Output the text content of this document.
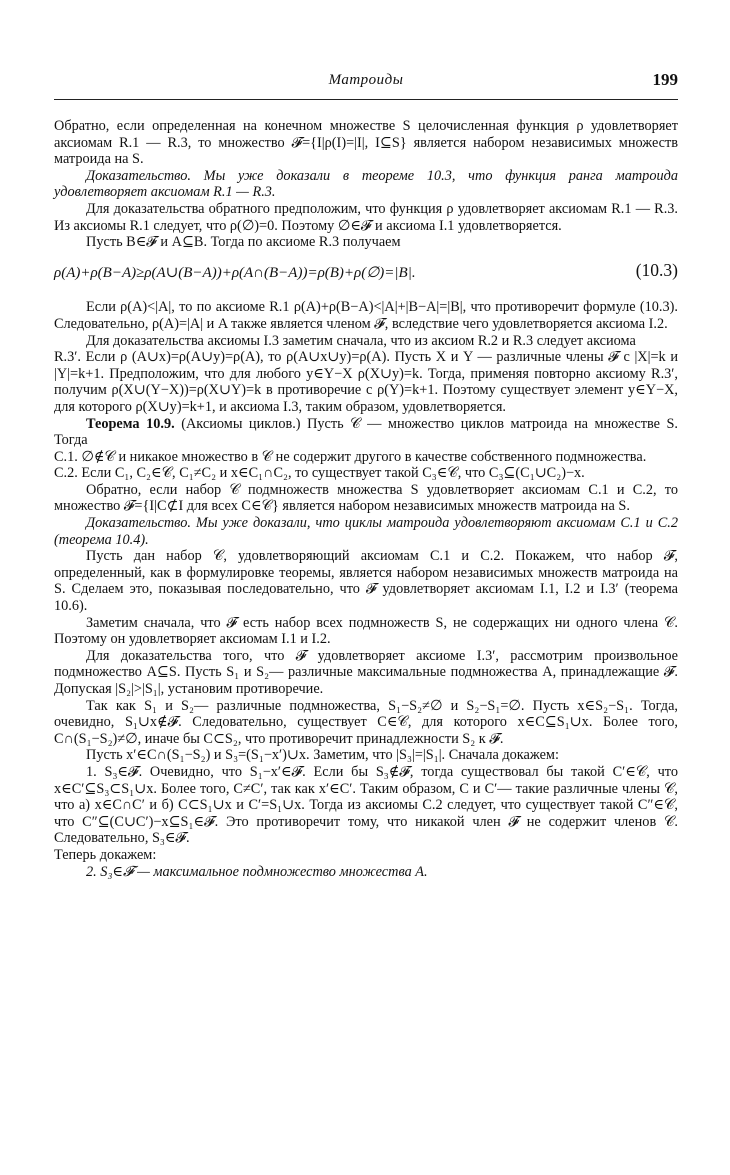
Матроиды	199

Обратно, если определенная на конечном множестве S целочисленная функция ρ удовлетворяет аксиомам R.1 — R.3, то множество 𝓕={I|ρ(I)=|I|, I⊆S} является набором независимых множеств матроида на S.

Доказательство. Мы уже доказали в теореме 10.3, что функция ранга матроида удовлетворяет аксиомам R.1 — R.3.

Для доказательства обратного предположим, что функция ρ удовлетворяет аксиомам R.1 — R.3. Из аксиомы R.1 следует, что ρ(∅)=0. Поэтому ∅∈𝓕 и аксиома I.1 удовлетворяется.

Пусть B∈𝓕 и A⊆B. Тогда по аксиоме R.3 получаем

ρ(A)+ρ(B−A)≥ρ(A∪(B−A))+ρ(A∩(B−A))=ρ(B)+ρ(∅)=|B|.	(10.3)

Если ρ(A)<|A|, то по аксиоме R.1 ρ(A)+ρ(B−A)<|A|+|B−A|=|B|, что противоречит формуле (10.3). Следовательно, ρ(A)=|A| и A также является членом 𝓕, вследствие чего удовлетворяется аксиома I.2.

Для доказательства аксиомы I.3 заметим сначала, что из аксиом R.2 и R.3 следует аксиома

R.3′. Если ρ (A∪x)=ρ(A∪y)=ρ(A), то ρ(A∪x∪y)=ρ(A). Пусть X и Y — различные члены 𝓕 с |X|=k и |Y|=k+1. Предположим, что для любого y∈Y−X ρ(X∪y)=k. Тогда, применяя повторно аксиому R.3′, получим ρ(X∪(Y−X))=ρ(X∪Y)=k в противоречие с ρ(Y)=k+1. Поэтому существует элемент y∈Y−X, для которого ρ(X∪y)=k+1, и аксиома I.3, таким образом, удовлетворяется.

Теорема 10.9. (Аксиомы циклов.) Пусть 𝒞 — множество циклов матроида на множестве S. Тогда

C.1. ∅∉𝒞 и никакое множество в 𝒞 не содержит другого в качестве собственного подмножества.

C.2. Если C₁, C₂∈𝒞, C₁≠C₂ и x∈C₁∩C₂, то существует такой C₃∈𝒞, что C₃⊆(C₁∪C₂)−x.

Обратно, если набор 𝒞 подмножеств множества S удовлетворяет аксиомам C.1 и C.2, то множество 𝓕={I|C⊄I для всех C∈𝒞} является набором независимых множеств матроида на S.

Доказательство. Мы уже доказали, что циклы матроида удовлетворяют аксиомам C.1 и C.2 (теорема 10.4).

Пусть дан набор 𝒞, удовлетворяющий аксиомам C.1 и C.2. Покажем, что набор 𝓕, определенный, как в формулировке теоремы, является набором независимых множеств матроида на S. Сделаем это, показывая последовательно, что 𝓕 удовлетворяет аксиомам I.1, I.2 и I.3′ (теорема 10.6).

Заметим сначала, что 𝓕 есть набор всех подмножеств S, не содержащих ни одного члена 𝒞. Поэтому он удовлетворяет аксиомам I.1 и I.2.

Для доказательства того, что 𝓕 удовлетворяет аксиоме I.3′, рассмотрим произвольное подмножество A⊆S. Пусть S₁ и S₂— различные максимальные подмножества A, принадлежащие 𝓕. Допуская |S₂|>|S₁|, установим противоречие.

Так как S₁ и S₂— различные подмножества, S₁−S₂≠∅ и S₂−S₁=∅. Пусть x∈S₂−S₁. Тогда, очевидно, S₁∪x∉𝓕. Следовательно, существует C∈𝒞, для которого x∈C⊆S₁∪x. Более того, C∩(S₁−S₂)≠∅, иначе бы C⊂S₂, что противоречит принадлежности S₂ к 𝓕.

Пусть x′∈C∩(S₁−S₂) и S₃=(S₁−x′)∪x. Заметим, что |S₃|=|S₁|. Сначала докажем:

1. S₃∈𝓕. Очевидно, что S₁−x′∈𝓕. Если бы S₃∉𝓕, тогда существовал бы такой C′∈𝒞, что x∈C′⊆S₃⊂S₁∪x. Более того, C≠C′, так как x′∈C′. Таким образом, C и C′— такие различные члены 𝒞, что а) x∈C∩C′ и б) C⊂S₁∪x и C′=S₁∪x. Тогда из аксиомы C.2 следует, что существует такой C″∈𝒞, что C″⊆(C∪C′)−x⊆S₁∈𝓕. Это противоречит тому, что никакой член 𝓕 не содержит членов 𝒞. Следовательно, S₃∈𝓕.

Теперь докажем:

2. S₃∈𝓕 — максимальное подмножество множества A.
